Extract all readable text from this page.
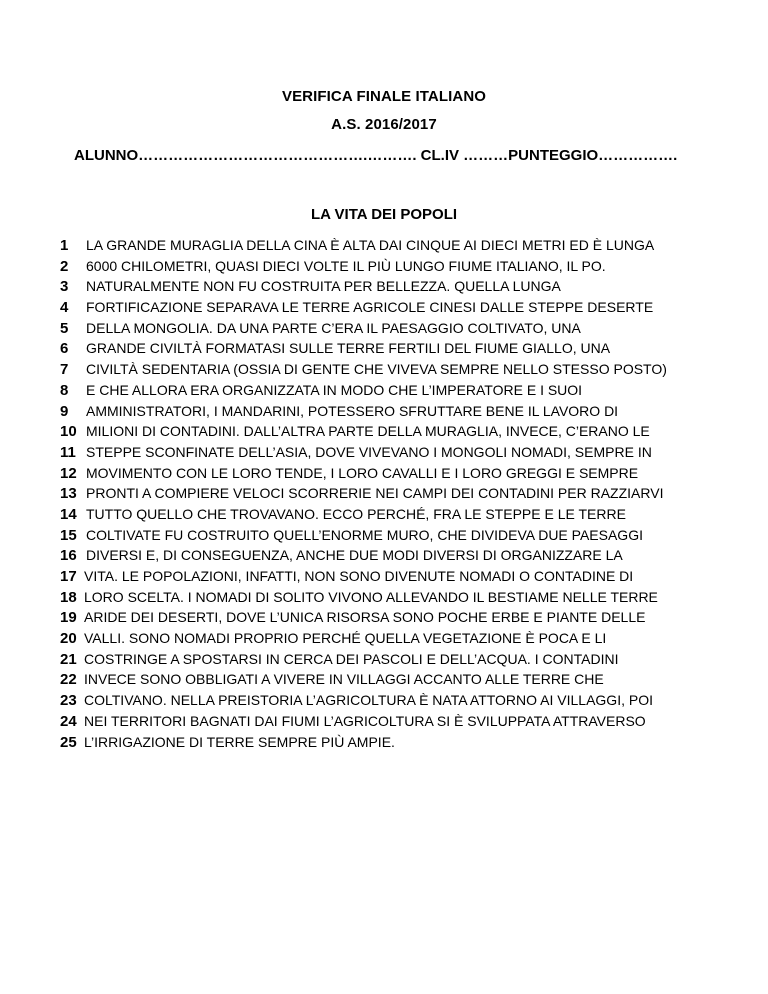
VERIFICA FINALE ITALIANO
A.S. 2016/2017
ALUNNO……………………………………….………. CL.IV ………PUNTEGGIO…………….
LA VITA DEI POPOLI
1 LA GRANDE MURAGLIA DELLA CINA È ALTA DAI CINQUE AI DIECI METRI ED È LUNGA
2 6000 CHILOMETRI, QUASI DIECI VOLTE IL PIÙ LUNGO FIUME ITALIANO, IL PO.
3 NATURALMENTE NON FU COSTRUITA PER BELLEZZA. QUELLA LUNGA
4 FORTIFICAZIONE SEPARAVA LE TERRE AGRICOLE CINESI DALLE STEPPE DESERTE
5 DELLA MONGOLIA. DA UNA PARTE C’ERA IL PAESAGGIO COLTIVATO, UNA
6 GRANDE CIVILTÀ FORMATASI SULLE TERRE FERTILI DEL FIUME GIALLO, UNA
7 CIVILTÀ SEDENTARIA (OSSIA DI GENTE CHE VIVEVA SEMPRE NELLO STESSO POSTO)
8 E CHE ALLORA ERA ORGANIZZATA IN MODO CHE L’IMPERATORE E I SUOI
9 AMMINISTRATORI, I MANDARINI, POTESSERO SFRUTTARE BENE IL LAVORO DI
10 MILIONI DI CONTADINI. DALL’ALTRA PARTE DELLA MURAGLIA, INVECE, C’ERANO LE
11 STEPPE SCONFINATE DELL’ASIA, DOVE VIVEVANO I MONGOLI NOMADI, SEMPRE IN
12 MOVIMENTO CON LE LORO TENDE, I LORO CAVALLI E I LORO GREGGI E SEMPRE
13 PRONTI A COMPIERE VELOCI SCORRERIE NEI CAMPI DEI CONTADINI PER RAZZIARVI
14 TUTTO QUELLO CHE TROVAVANO. ECCO PERCHÉ, FRA LE STEPPE E LE TERRE
15 COLTIVATE FU COSTRUITO QUELL’ENORME MURO, CHE DIVIDEVA DUE PAESAGGI
16 DIVERSI E, DI CONSEGUENZA, ANCHE DUE MODI DIVERSI DI ORGANIZZARE LA
17 VITA. LE POPOLAZIONI, INFATTI, NON SONO DIVENUTE NOMADI O CONTADINE DI
18 LORO SCELTA. I NOMADI DI SOLITO VIVONO ALLEVANDO IL BESTIAME NELLE TERRE
19 ARIDE DEI DESERTI, DOVE L’UNICA RISORSA SONO POCHE ERBE E PIANTE DELLE
20 VALLI. SONO NOMADI PROPRIO PERCHÉ QUELLA VEGETAZIONE È POCA E LI
21 COSTRINGE A SPOSTARSI IN CERCA DEI PASCOLI E DELL’ACQUA. I CONTADINI
22 INVECE SONO OBBLIGATI A VIVERE IN VILLAGGI ACCANTO ALLE TERRE CHE
23 COLTIVANO. NELLA PREISTORIA L’AGRICOLTURA È NATA ATTORNO AI VILLAGGI, POI
24 NEI TERRITORI BAGNATI DAI FIUMI L’AGRICOLTURA SI È SVILUPPATA ATTRAVERSO
25 L’IRRIGAZIONE DI TERRE SEMPRE PIÙ AMPIE.
